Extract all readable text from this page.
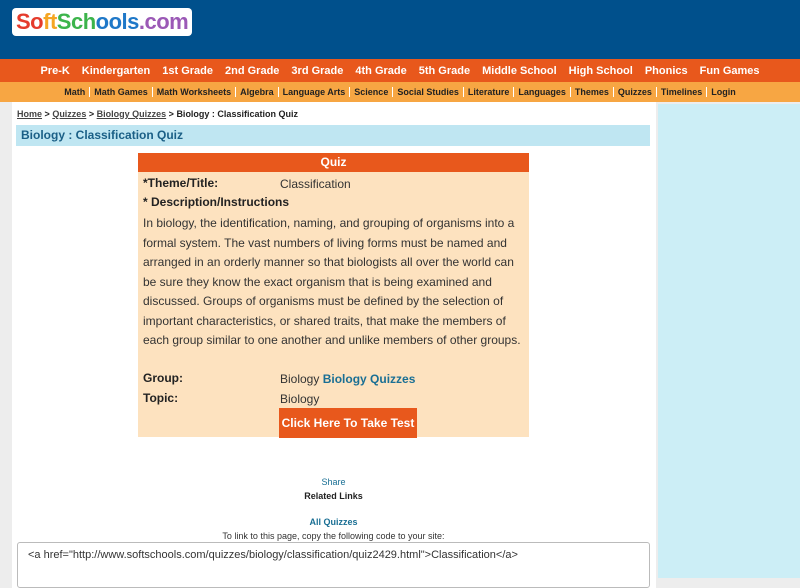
SoftSchools.com
Pre-K Kindergarten 1st Grade 2nd Grade 3rd Grade 4th Grade 5th Grade Middle School High School Phonics Fun Games
Math	Math Games	Math Worksheets	Algebra	Language Arts	Science	Social Studies	Literature	Languages	Themes	Quizzes	Timelines	Login
Home > Quizzes > Biology Quizzes > Biology : Classification Quiz
Biology : Classification Quiz
Quiz
*Theme/Title:	Classification
* Description/Instructions
In biology, the identification, naming, and grouping of organisms into a formal system. The vast numbers of living forms must be named and arranged in an orderly manner so that biologists all over the world can be sure they know the exact organism that is being examined and discussed. Groups of organisms must be defined by the selection of important characteristics, or shared traits, that make the members of each group similar to one another and unlike members of other groups.
Group:	Biology Biology Quizzes
Topic:	Biology
Click Here To Take Test
Share
Related Links
All Quizzes
To link to this page, copy the following code to your site:
<a href="http://www.softschools.com/quizzes/biology/classification/quiz2429.html">Classification</a>
